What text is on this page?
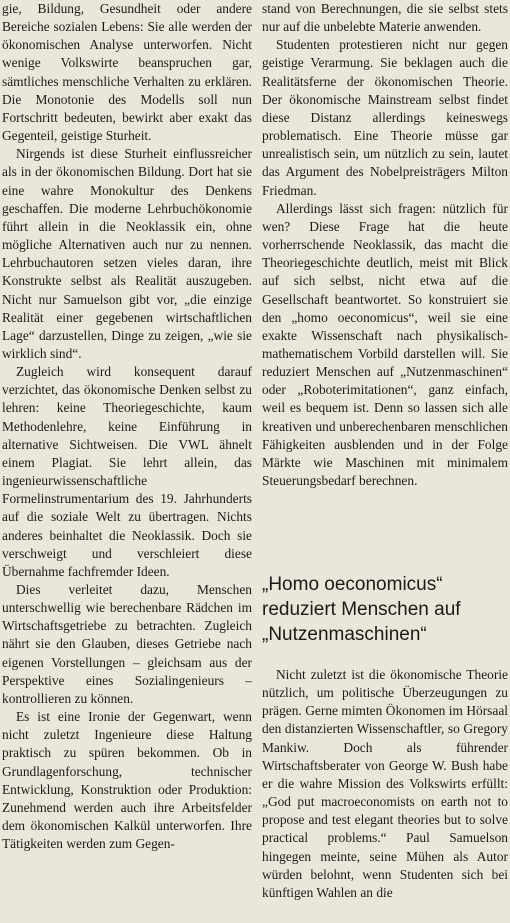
gie, Bildung, Gesundheit oder andere Bereiche sozialen Lebens: Sie alle werden der ökonomischen Analyse unterworfen. Nicht wenige Volkswirte beanspruchen gar, sämtliches menschliche Verhalten zu erklären. Die Monotonie des Modells soll nun Fortschritt bedeuten, bewirkt aber exakt das Gegenteil, geistige Sturheit.

Nirgends ist diese Sturheit einflussreicher als in der ökonomischen Bildung. Dort hat sie eine wahre Monokultur des Denkens geschaffen. Die moderne Lehrbuchökonomie führt allein in die Neoklassik ein, ohne mögliche Alternativen auch nur zu nennen. Lehrbuchautoren setzen vieles daran, ihre Konstrukte selbst als Realität auszugeben. Nicht nur Samuelson gibt vor, „die einzige Realität einer gegebenen wirtschaftlichen Lage“ darzustellen, Dinge zu zeigen, „wie sie wirklich sind“.

Zugleich wird konsequent darauf verzichtet, das ökonomische Denken selbst zu lehren: keine Theoriegeschichte, kaum Methodenlehre, keine Einführung in alternative Sichtweisen. Die VWL ähnelt einem Plagiat. Sie lehrt allein, das ingenieurwissenschaftliche Formelinstrumentarium des 19. Jahrhunderts auf die soziale Welt zu übertragen. Nichts anderes beinhaltet die Neoklassik. Doch sie verschweigt und verschleiert diese Übernahme fachfremder Ideen.

Dies verleitet dazu, Menschen unterschwellig wie berechenbare Rädchen im Wirtschaftsgetriebe zu betrachten. Zugleich nährt sie den Glauben, dieses Getriebe nach eigenen Vorstellungen – gleichsam aus der Perspektive eines Sozialingenieurs – kontrollieren zu können.

Es ist eine Ironie der Gegenwart, wenn nicht zuletzt Ingenieure diese Haltung praktisch zu spüren bekommen. Ob in Grundlagenforschung, technischer Entwicklung, Konstruktion oder Produktion: Zunehmend werden auch ihre Arbeitsfelder dem ökonomischen Kalkül unterworfen. Ihre Tätigkeiten werden zum Gegen-

stand von Berechnungen, die sie selbst stets nur auf die unbelebte Materie anwenden.

Studenten protestieren nicht nur gegen geistige Verarmung. Sie beklagen auch die Realitätsferne der ökonomischen Theorie. Der ökonomische Mainstream selbst findet diese Distanz allerdings keineswegs problematisch. Eine Theorie müsse gar unrealistisch sein, um nützlich zu sein, lautet das Argument des Nobelpreisträgers Milton Friedman.

Allerdings lässt sich fragen: nützlich für wen? Diese Frage hat die heute vorherrschende Neoklassik, das macht die Theoriegeschichte deutlich, meist mit Blick auf sich selbst, nicht etwa auf die Gesellschaft beantwortet. So konstruiert sie den „homo oeconomicus“, weil sie eine exakte Wissenschaft nach physikalisch-mathematischem Vorbild darstellen will. Sie reduziert Menschen auf „Nutzenmaschinen“ oder „Roboterimitationen“, ganz einfach, weil es bequem ist. Denn so lassen sich alle kreativen und unberechenbaren menschlichen Fähigkeiten ausblenden und in der Folge Märkte wie Maschinen mit minimalem Steuerungsbedarf berechnen.

„Homo oeconomicus“
reduziert Menschen auf
„Nutzenmaschinen“

Nicht zuletzt ist die ökonomische Theorie nützlich, um politische Überzeugungen zu prägen. Gerne mimten Ökonomen im Hörsaal den distanzierten Wissenschaftler, so Gregory Mankiw. Doch als führender Wirtschaftsberater von George W. Bush habe er die wahre Mission des Volkswirts erfüllt: „God put macroeconomists on earth not to propose and test elegant theories but to solve practical problems.“ Paul Samuelson hingegen meinte, seine Mühen als Autor würden belohnt, wenn Studenten sich bei künftigen Wahlen an die
